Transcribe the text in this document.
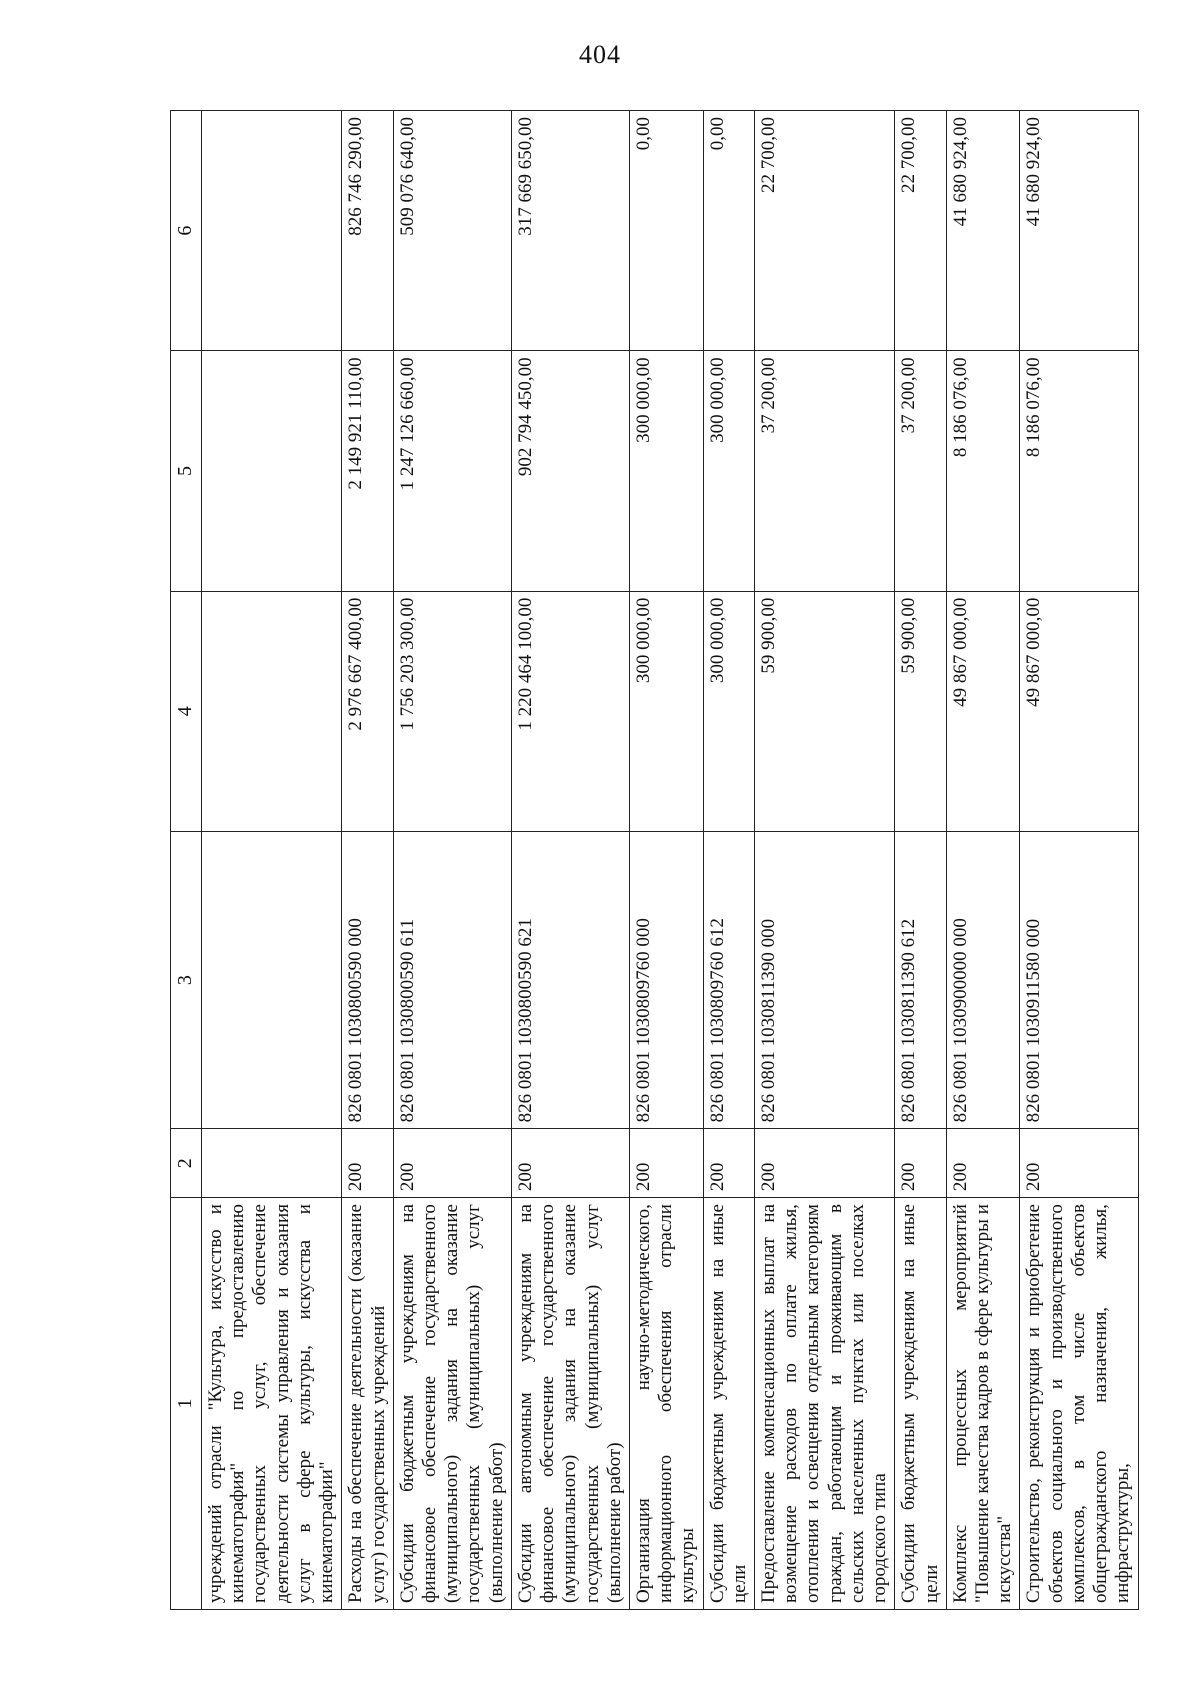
404
1	2	3	4	5	6
учреждений отрасли "Культура, искусство и кинематография" по предоставлению государственных услуг, обеспечение деятельности системы управления и оказания услуг в сфере культуры, искусства и кинематографии"					
Расходы на обеспечение деятельности (оказание услуг) государственных учреждений	200	826 0801 1030800590 000	2 976 667 400,00	2 149 921 110,00	826 746 290,00
Субсидии бюджетным учреждениям на финансовое обеспечение государственного (муниципального) задания на оказание государственных (муниципальных) услуг (выполнение работ)	200	826 0801 1030800590 611	1 756 203 300,00	1 247 126 660,00	509 076 640,00
Субсидии автономным учреждениям на финансовое обеспечение государственного (муниципального) задания на оказание государственных (муниципальных) услуг (выполнение работ)	200	826 0801 1030800590 621	1 220 464 100,00	902 794 450,00	317 669 650,00
Организация научно-методического, информационного обеспечения отрасли культуры	200	826 0801 1030809760 000	300 000,00	300 000,00	0,00
Субсидии бюджетным учреждениям на иные цели	200	826 0801 1030809760 612	300 000,00	300 000,00	0,00
Предоставление компенсационных выплат на возмещение расходов по оплате жилья, отопления и освещения отдельным категориям граждан, работающим и проживающим в сельских населенных пунктах или поселках городского типа	200	826 0801 1030811390 000	59 900,00	37 200,00	22 700,00
Субсидии бюджетным учреждениям на иные цели	200	826 0801 1030811390 612	59 900,00	37 200,00	22 700,00
Комплекс процессных мероприятий "Повышение качества кадров в сфере культуры и искусства"	200	826 0801 1030900000 000	49 867 000,00	8 186 076,00	41 680 924,00
Строительство, реконструкция и приобретение объектов социального и производственного комплексов, в том числе объектов общегражданского назначения, жилья, инфраструктуры,	200	826 0801 1030911580 000	49 867 000,00	8 186 076,00	41 680 924,00
